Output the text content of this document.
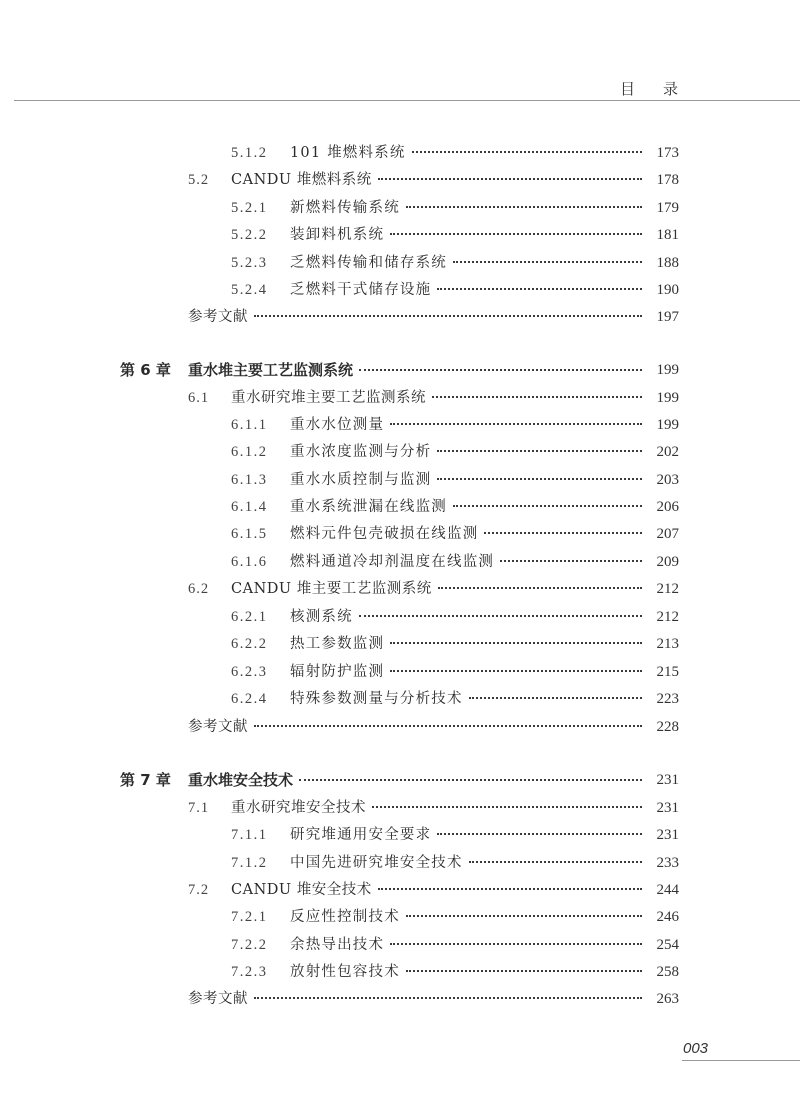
目 录
5.1.2 101 堆燃料系统	173
5.2 CANDU 堆燃料系统	178
5.2.1 新燃料传输系统	179
5.2.2 装卸料机系统	181
5.2.3 乏燃料传输和储存系统	188
5.2.4 乏燃料干式储存设施	190
参考文献	197
第 6 章 重水堆主要工艺监测系统	199
6.1 重水研究堆主要工艺监测系统	199
6.1.1 重水水位测量	199
6.1.2 重水浓度监测与分析	202
6.1.3 重水水质控制与监测	203
6.1.4 重水系统泄漏在线监测	206
6.1.5 燃料元件包壳破损在线监测	207
6.1.6 燃料通道冷却剂温度在线监测	209
6.2 CANDU 堆主要工艺监测系统	212
6.2.1 核测系统	212
6.2.2 热工参数监测	213
6.2.3 辐射防护监测	215
6.2.4 特殊参数测量与分析技术	223
参考文献	228
第 7 章 重水堆安全技术	231
7.1 重水研究堆安全技术	231
7.1.1 研究堆通用安全要求	231
7.1.2 中国先进研究堆安全技术	233
7.2 CANDU 堆安全技术	244
7.2.1 反应性控制技术	246
7.2.2 余热导出技术	254
7.2.3 放射性包容技术	258
参考文献	263
003
